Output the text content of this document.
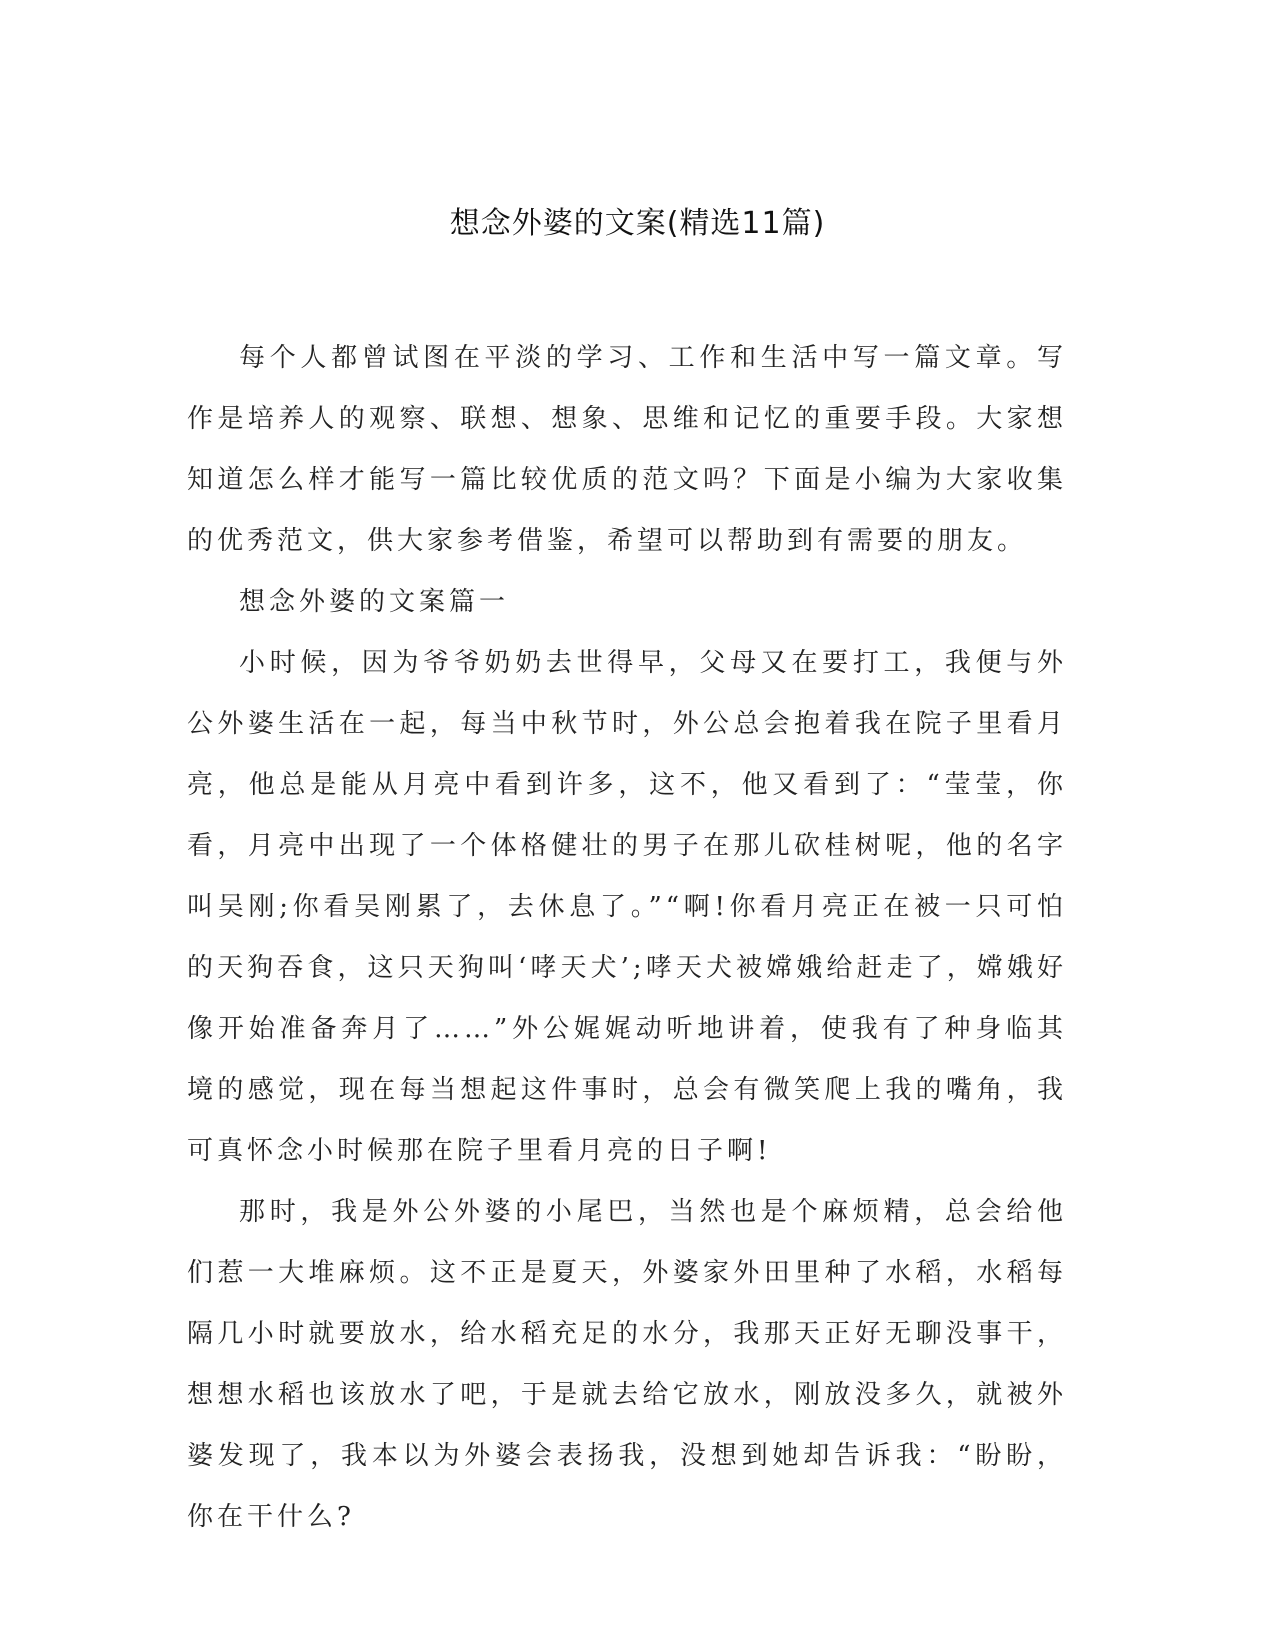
想念外婆的文案(精选11篇)

每个人都曾试图在平淡的学习、工作和生活中写一篇文章。写作是培养人的观察、联想、想象、思维和记忆的重要手段。大家想知道怎么样才能写一篇比较优质的范文吗？下面是小编为大家收集的优秀范文，供大家参考借鉴，希望可以帮助到有需要的朋友。

想念外婆的文案篇一

小时候，因为爷爷奶奶去世得早，父母又在要打工，我便与外公外婆生活在一起，每当中秋节时，外公总会抱着我在院子里看月亮，他总是能从月亮中看到许多，这不，他又看到了：“莹莹，你看，月亮中出现了一个体格健壮的男子在那儿砍桂树呢，他的名字叫吴刚;你看吴刚累了，去休息了。”“啊!你看月亮正在被一只可怕的天狗吞食，这只天狗叫‘哮天犬’;哮天犬被嫦娥给赶走了，嫦娥好像开始准备奔月了……”外公娓娓动听地讲着，使我有了种身临其境的感觉，现在每当想起这件事时，总会有微笑爬上我的嘴角，我可真怀念小时候那在院子里看月亮的日子啊!

那时，我是外公外婆的小尾巴，当然也是个麻烦精，总会给他们惹一大堆麻烦。这不正是夏天，外婆家外田里种了水稻，水稻每隔几小时就要放水，给水稻充足的水分，我那天正好无聊没事干，想想水稻也该放水了吧，于是就去给它放水，刚放没多久，就被外婆发现了，我本以为外婆会表扬我，没想到她却告诉我：“盼盼，你在干什么?
